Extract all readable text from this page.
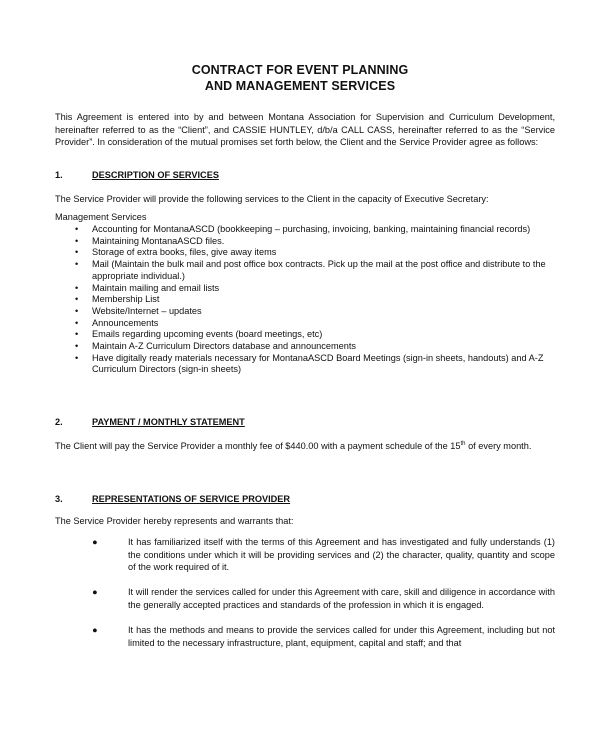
CONTRACT FOR EVENT PLANNING
AND MANAGEMENT SERVICES
This Agreement is entered into by and between Montana Association for Supervision and Curriculum Development, hereinafter referred to as the “Client”, and CASSIE HUNTLEY, d/b/a CALL CASS, hereinafter referred to as the “Service Provider”. In consideration of the mutual promises set forth below, the Client and the Service Provider agree as follows:
1.	DESCRIPTION OF SERVICES
The Service Provider will provide the following services to the Client in the capacity of Executive Secretary:
Management Services
• Accounting for MontanaASCD (bookkeeping – purchasing, invoicing, banking, maintaining financial records)
• Maintaining MontanaASCD files.
• Storage of extra books, files, give away items
• Mail (Maintain the bulk mail and post office box contracts. Pick up the mail at the post office and distribute to the appropriate individual.)
• Maintain mailing and email lists
• Membership List
• Website/Internet – updates
• Announcements
• Emails regarding upcoming events (board meetings, etc)
• Maintain A-Z Curriculum Directors database and announcements
• Have digitally ready materials necessary for MontanaASCD Board Meetings (sign-in sheets, handouts) and A-Z Curriculum Directors (sign-in sheets)
2.	PAYMENT / MONTHLY STATEMENT
The Client will pay the Service Provider a monthly fee of $440.00 with a payment schedule of the 15th of every month.
3.	REPRESENTATIONS OF SERVICE PROVIDER
The Service Provider hereby represents and warrants that:
●	It has familiarized itself with the terms of this Agreement and has investigated and fully understands (1) the conditions under which it will be providing services and (2) the character, quality, quantity and scope of the work required of it.
●	It will render the services called for under this Agreement with care, skill and diligence in accordance with the generally accepted practices and standards of the profession in which it is engaged.
●	It has the methods and means to provide the services called for under this Agreement, including but not limited to the necessary infrastructure, plant, equipment, capital and staff; and that
